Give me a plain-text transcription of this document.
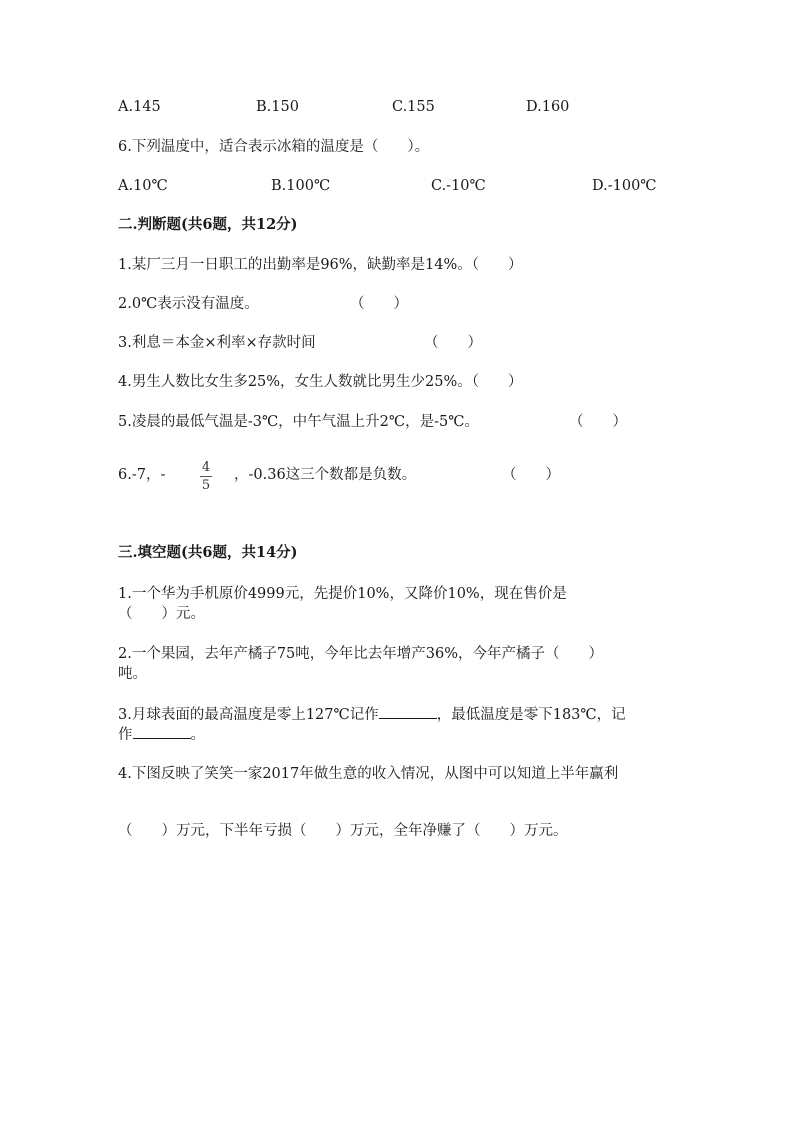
A.145	B.150	C.155	D.160
6.下列温度中，适合表示冰箱的温度是（　　）。
A.10℃	B.100℃	C.-10℃	D.-100℃
二.判断题(共6题，共12分)
1.某厂三月一日职工的出勤率是96%，缺勤率是14%。（　　）
2.0℃表示没有温度。	（　　）
3.利息＝本金×利率×存款时间	（　　）
4.男生人数比女生多25%，女生人数就比男生少25%。（　　）
5.凌晨的最低气温是-3℃，中午气温上升2℃，是-5℃。	（　　）
6.-7，-	4
5
，-0.36这三个数都是负数。	（　　）
三.填空题(共6题，共14分)
1.一个华为手机原价4999元，先提价10%，又降价10%，现在售价是
（　　）元。
2.一个果园，去年产橘子75吨，今年比去年增产36%，今年产橘子（　　）
吨。
3.月球表面的最高温度是零上127℃记作	，最低温度是零下183℃，记
作	。
4.下图反映了笑笑一家2017年做生意的收入情况，从图中可以知道上半年赢利
（　　）万元，下半年亏损（　　）万元，全年净赚了（　　）万元。
